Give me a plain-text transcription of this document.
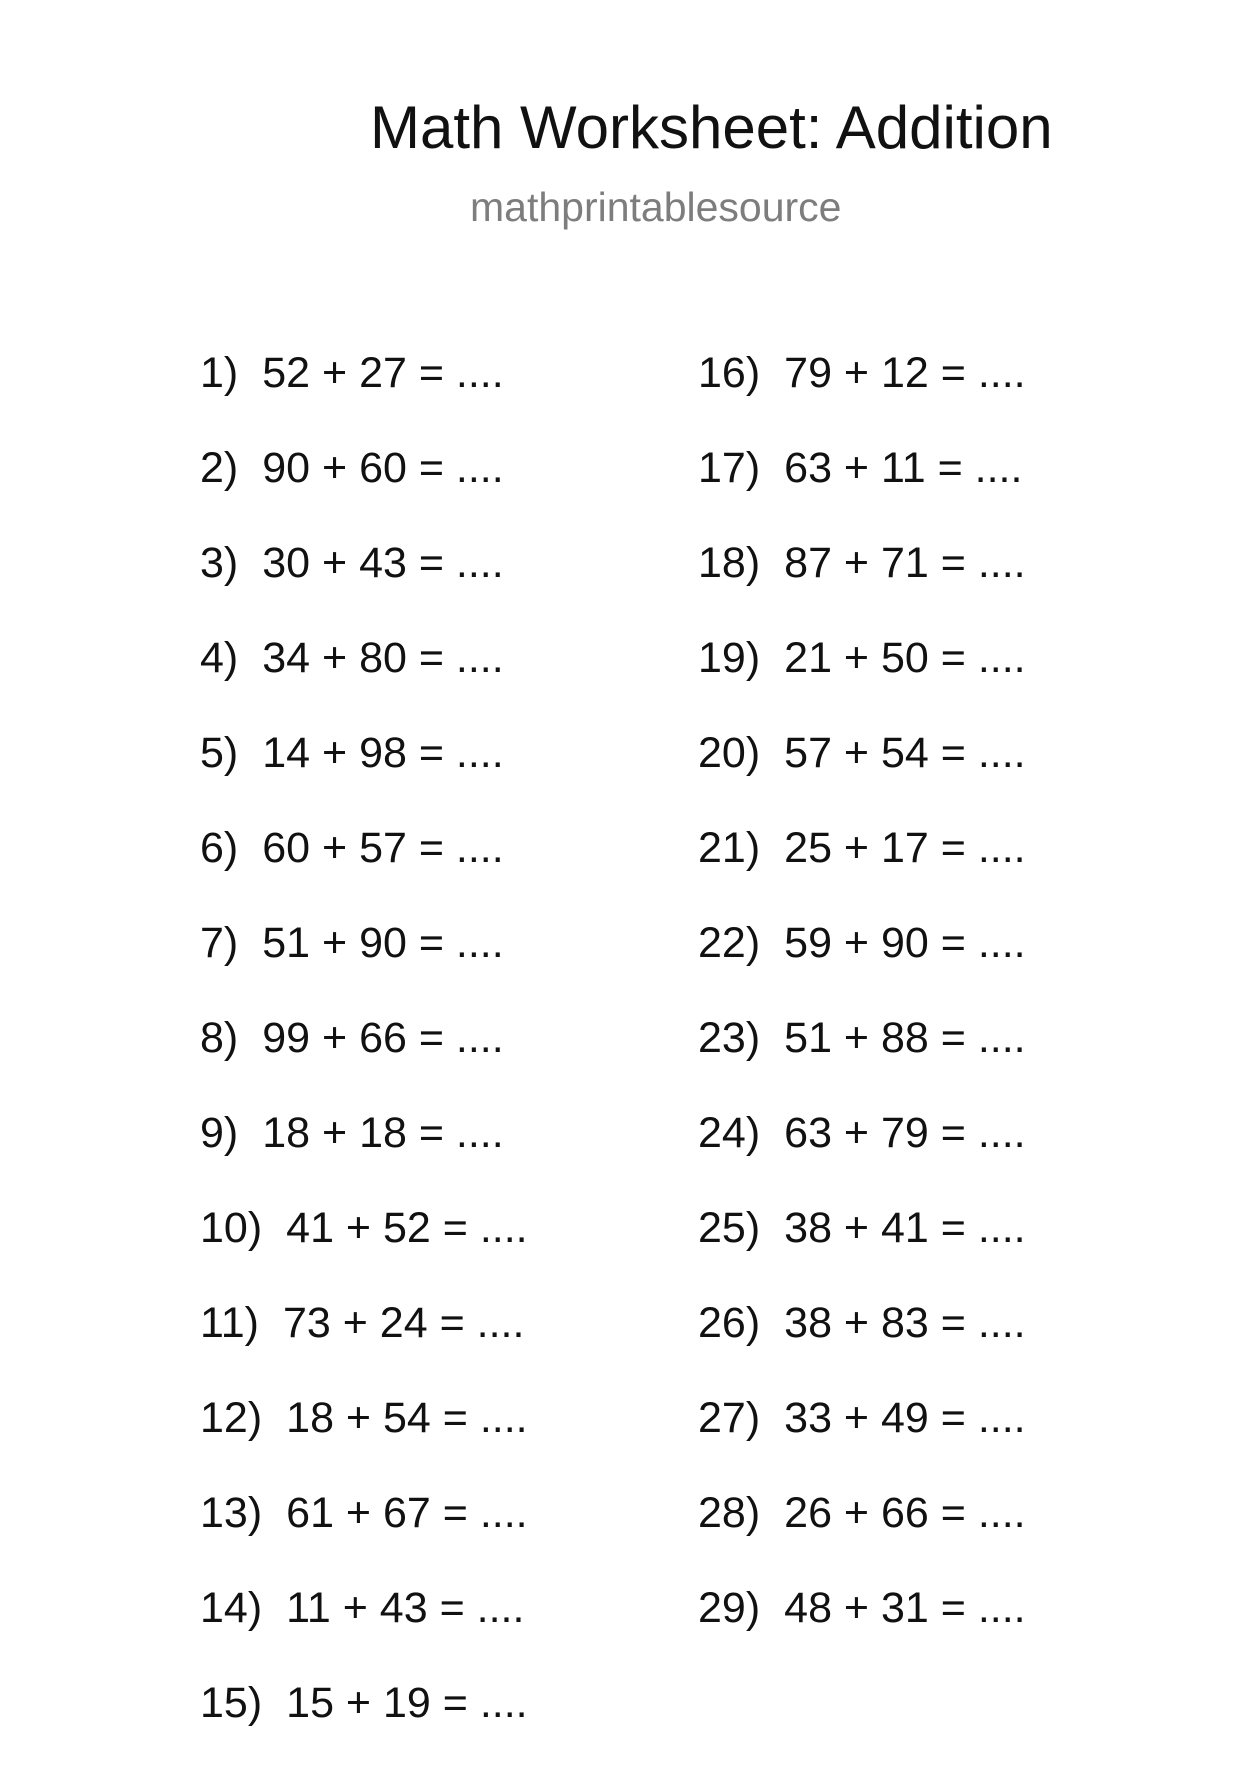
Math Worksheet: Addition
mathprintablesource
1) 52 + 27 = ....
2) 90 + 60 = ....
3) 30 + 43 = ....
4) 34 + 80 = ....
5) 14 + 98 = ....
6) 60 + 57 = ....
7) 51 + 90 = ....
8) 99 + 66 = ....
9) 18 + 18 = ....
10) 41 + 52 = ....
11) 73 + 24 = ....
12) 18 + 54 = ....
13) 61 + 67 = ....
14) 11 + 43 = ....
15) 15 + 19 = ....
16) 79 + 12 = ....
17) 63 + 11 = ....
18) 87 + 71 = ....
19) 21 + 50 = ....
20) 57 + 54 = ....
21) 25 + 17 = ....
22) 59 + 90 = ....
23) 51 + 88 = ....
24) 63 + 79 = ....
25) 38 + 41 = ....
26) 38 + 83 = ....
27) 33 + 49 = ....
28) 26 + 66 = ....
29) 48 + 31 = ....
